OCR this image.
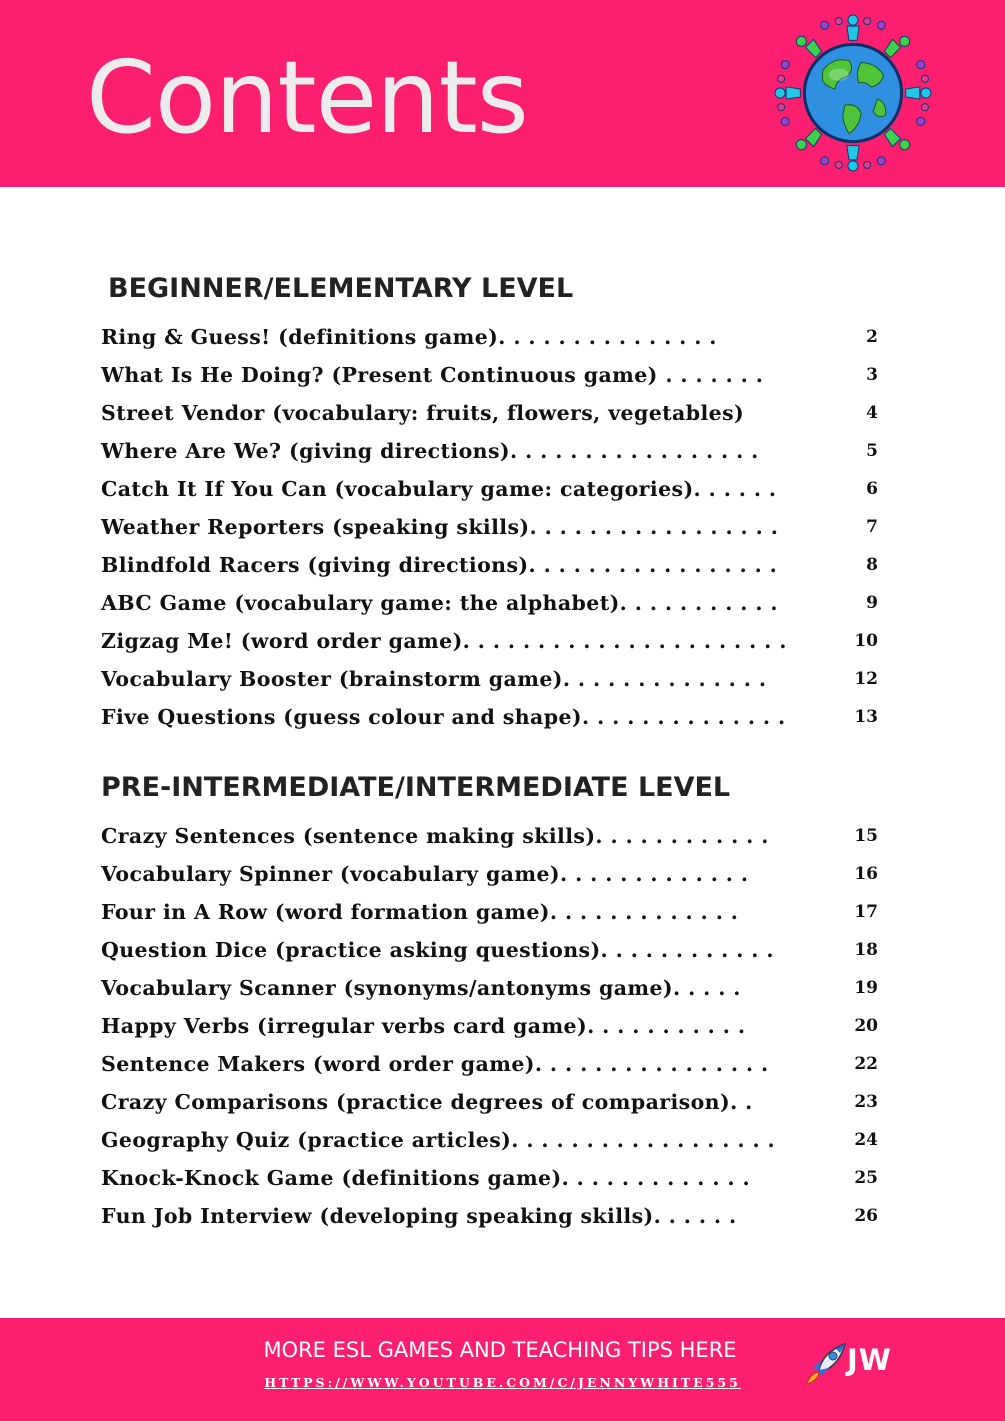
Contents
BEGINNER/ELEMENTARY LEVEL
Ring & Guess! (definitions game). . . . . . . . . . . . . . .	2
What Is He Doing? (Present Continuous game) . . . . . . .	3
Street Vendor (vocabulary: fruits, flowers, vegetables)	4
Where Are We? (giving directions). . . . . . . . . . . . . . . . .	5
Catch It If You Can (vocabulary game: categories). . . . . .	6
Weather Reporters (speaking skills). . . . . . . . . . . . . . . . .	7
Blindfold Racers (giving directions). . . . . . . . . . . . . . . . .	8
ABC Game (vocabulary game: the alphabet). . . . . . . . . . .	9
Zigzag Me! (word order game). . . . . . . . . . . . . . . . . . . . . .	10
Vocabulary Booster (brainstorm game). . . . . . . . . . . . . .	12
Five Questions (guess colour and shape). . . . . . . . . . . . . .	13
PRE-INTERMEDIATE/INTERMEDIATE LEVEL
Crazy Sentences (sentence making skills). . . . . . . . . . . .	15
Vocabulary Spinner (vocabulary game). . . . . . . . . . . . .	16
Four in A Row (word formation game). . . . . . . . . . . . .	17
Question Dice (practice asking questions). . . . . . . . . . . .	18
Vocabulary Scanner (synonyms/antonyms game). . . . .	19
Happy Verbs (irregular verbs card game). . . . . . . . . . .	20
Sentence Makers (word order game). . . . . . . . . . . . . . . .	22
Crazy Comparisons (practice degrees of comparison). .	23
Geography Quiz (practice articles). . . . . . . . . . . . . . . . . .	24
Knock-Knock Game (definitions game). . . . . . . . . . . . .	25
Fun Job Interview (developing speaking skills). . . . . .	26

MORE ESL GAMES AND TEACHING TIPS HERE

HTTPS://WWW.YOUTUBE.COM/C/JENNYWHITE555
JW
